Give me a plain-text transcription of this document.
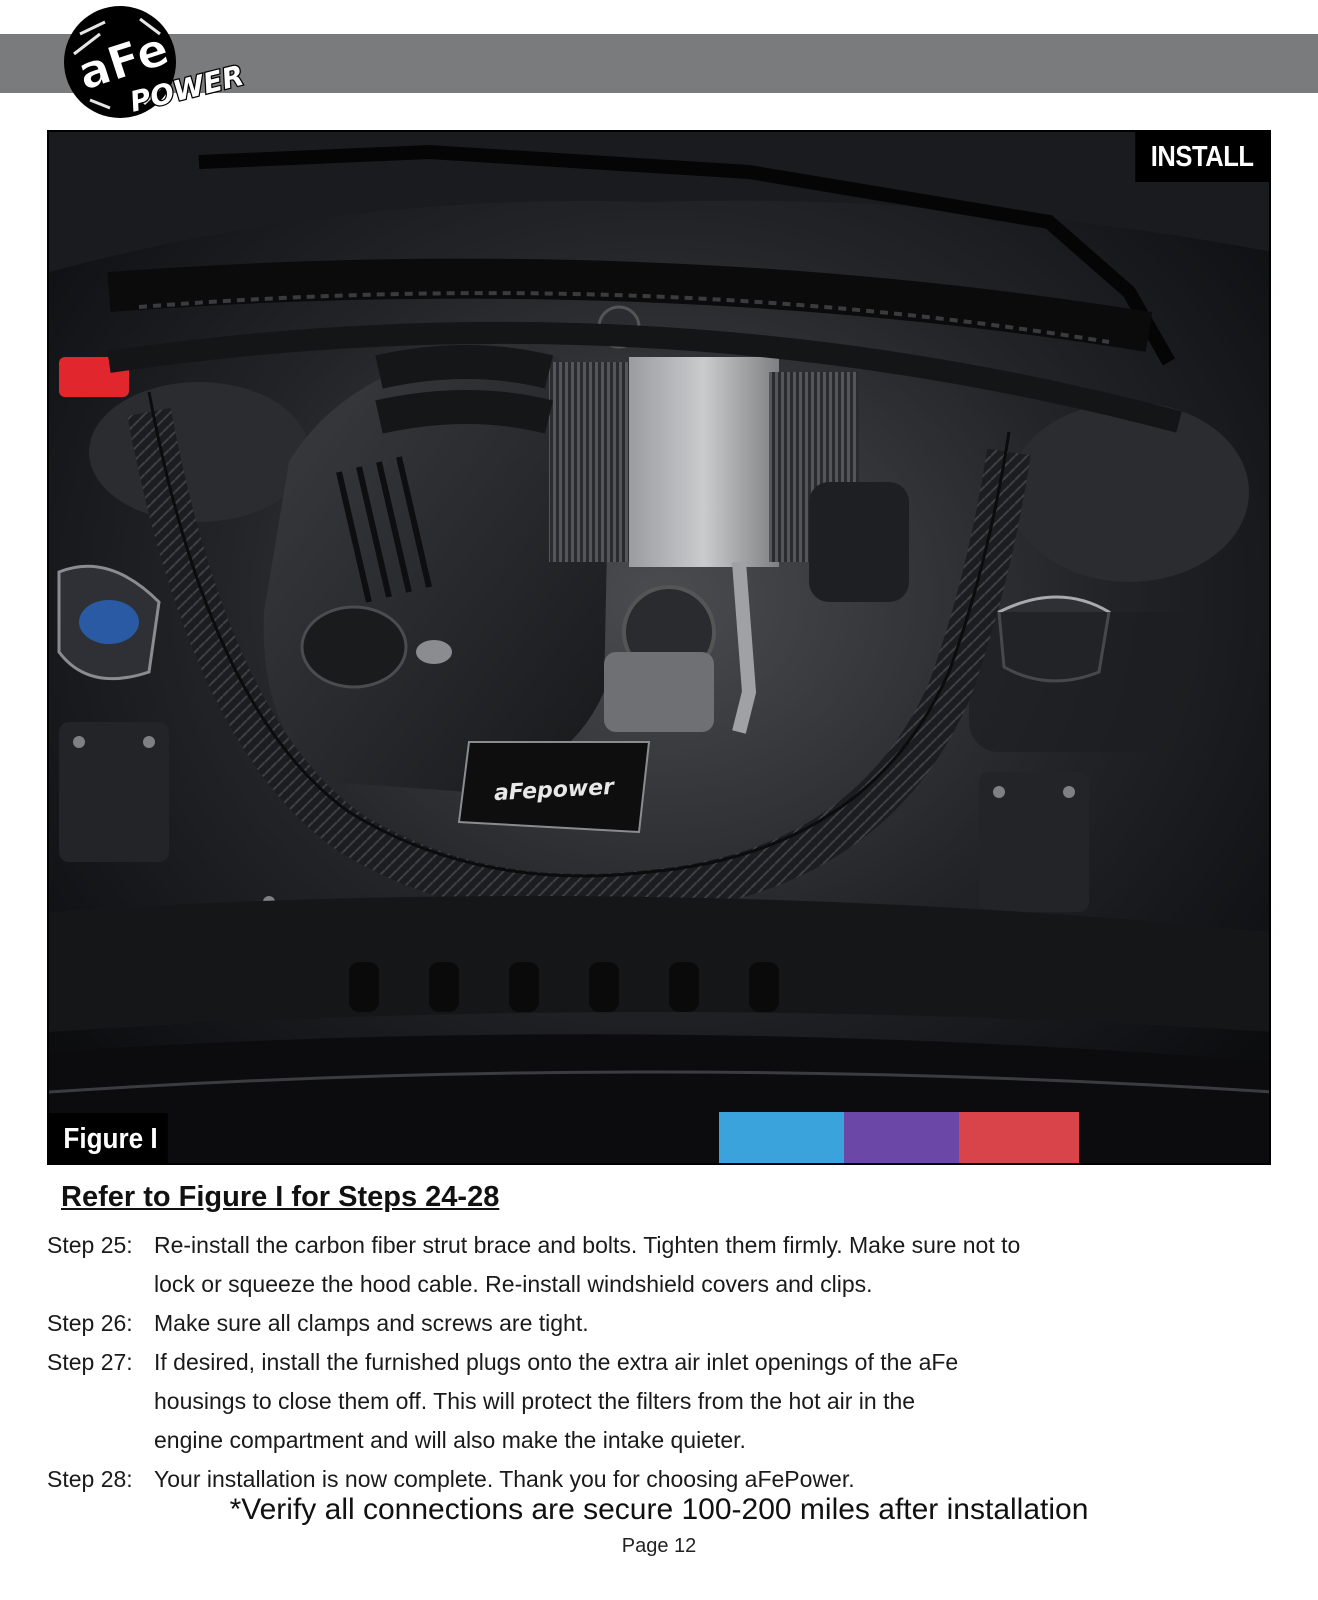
aFe
POWER
aFepower
INSTALL
Figure I
Refer to Figure I for Steps 24-28
Step 25: Re-install the carbon fiber strut brace and bolts. Tighten them firmly. Make sure not to
lock or squeeze the hood cable. Re-install windshield covers and clips.
Step 26: Make sure all clamps and screws are tight.
Step 27: If desired, install the furnished plugs onto the extra air inlet openings of the aFe
housings to close them off. This will protect the filters from the hot air in the
engine compartment and will also make the intake quieter.
Step 28: Your installation is now complete. Thank you for choosing aFePower.
*Verify all connections are secure 100-200 miles after installation
Page 12
